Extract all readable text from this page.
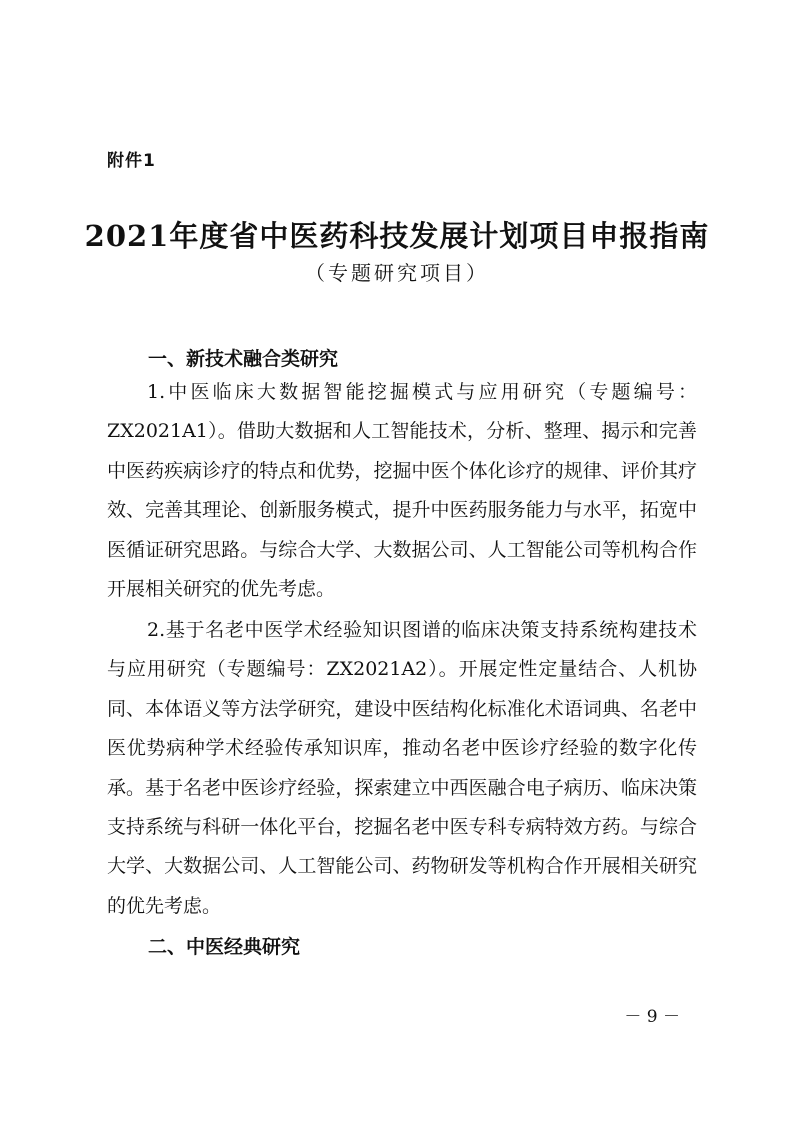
附件1
2021年度省中医药科技发展计划项目申报指南
（专题研究项目）
一、新技术融合类研究

1.中医临床大数据智能挖掘模式与应用研究（专题编号：ZX2021A1）。借助大数据和人工智能技术，分析、整理、揭示和完善中医药疾病诊疗的特点和优势，挖掘中医个体化诊疗的规律、评价其疗效、完善其理论、创新服务模式，提升中医药服务能力与水平，拓宽中医循证研究思路。与综合大学、大数据公司、人工智能公司等机构合作开展相关研究的优先考虑。

2.基于名老中医学术经验知识图谱的临床决策支持系统构建技术与应用研究（专题编号：ZX2021A2）。开展定性定量结合、人机协同、本体语义等方法学研究，建设中医结构化标准化术语词典、名老中医优势病种学术经验传承知识库，推动名老中医诊疗经验的数字化传承。基于名老中医诊疗经验，探索建立中西医融合电子病历、临床决策支持系统与科研一体化平台，挖掘名老中医专科专病特效方药。与综合大学、大数据公司、人工智能公司、药物研发等机构合作开展相关研究的优先考虑。

二、中医经典研究
－ 9 －
